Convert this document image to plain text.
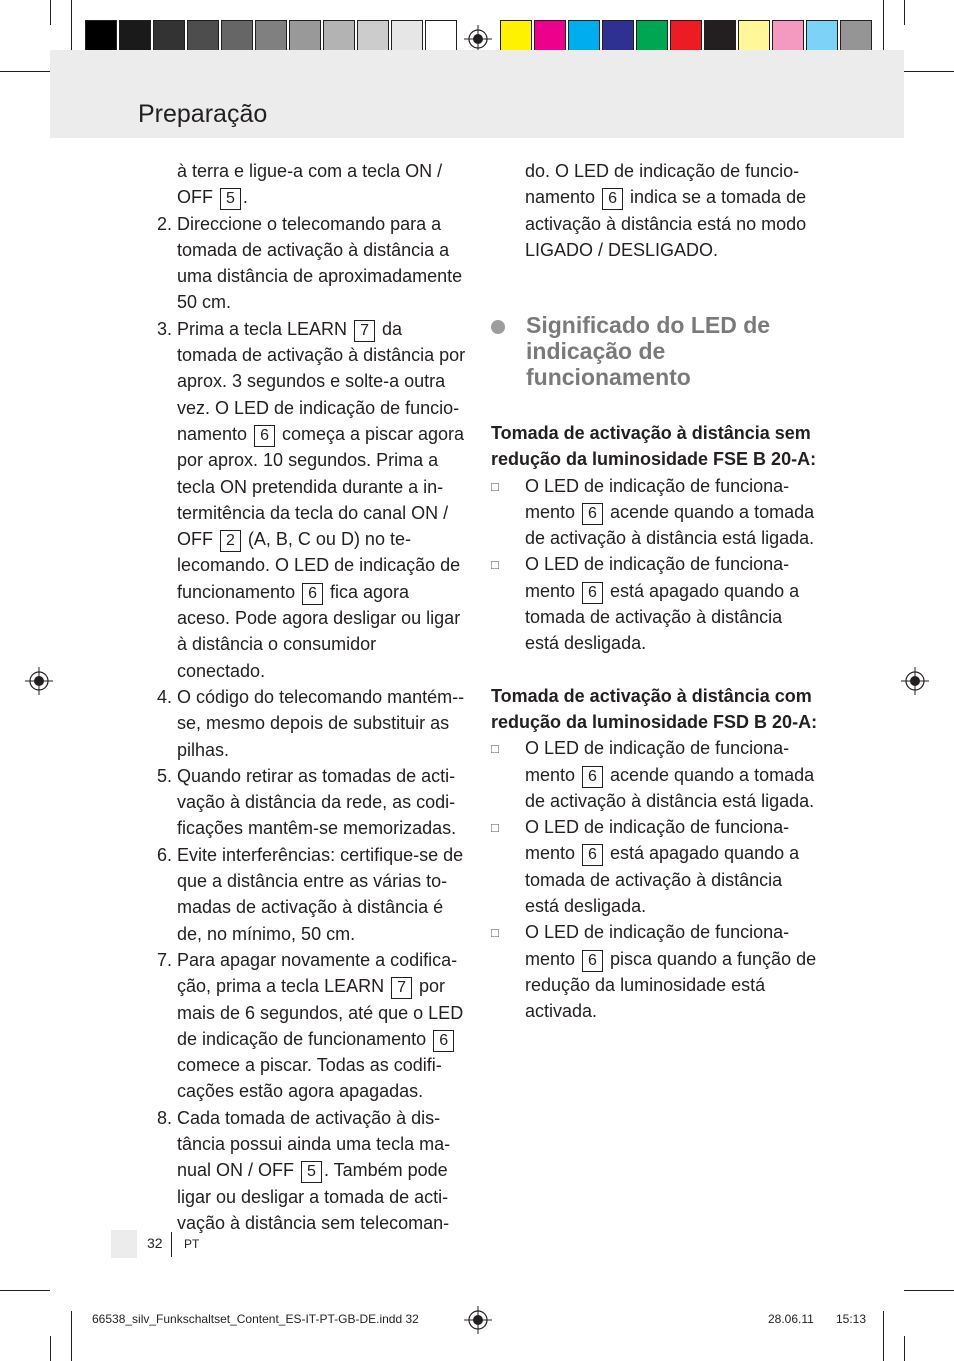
Preparação

à terra e ligue-a com a tecla ON / OFF 5 .

2. Direccione o telecomando para a tomada de activação à distância a uma distância de aproximadamente 50 cm.

3. Prima a tecla LEARN 7 da tomada de activação à distância por aprox. 3 segundos e solte-a outra vez. O LED de indicação de funcio-namento 6 começa a piscar agora por aprox. 10 segundos. Prima a tecla ON pretendida durante a in-termitência da tecla do canal ON / OFF 2 (A, B, C ou D) no te-lecomando. O LED de indicação de funcionamento 6 fica agora aceso. Pode agora desligar ou ligar à distância o consumidor conectado.

4. O código do telecomando mantém--se, mesmo depois de substituir as pilhas.

5. Quando retirar as tomadas de acti-vação à distância da rede, as codi-ficações mantêm-se memorizadas.

6. Evite interferências: certifique-se de que a distância entre as várias to-madas de activação à distância é de, no mínimo, 50 cm.

7. Para apagar novamente a codifica-ção, prima a tecla LEARN 7 por mais de 6 segundos, até que o LED de indicação de funcionamento 6 comece a piscar. Todas as codifi-cações estão agora apagadas.

8. Cada tomada de activação à dis-tância possui ainda uma tecla ma-nual ON / OFF 5 . Também pode ligar ou desligar a tomada de acti-vação à distância sem telecoman-

do. O LED de indicação de funcio-namento 6 indica se a tomada de activação à distância está no modo LIGADO / DESLIGADO.

Significado do LED de indicação de funcionamento

Tomada de activação à distância sem redução da luminosidade FSE B 20-A:

□	O LED de indicação de funciona-mento 6 acende quando a tomada de activação à distância está ligada.

□	O LED de indicação de funciona-mento 6 está apagado quando a tomada de activação à distância está desligada.

Tomada de activação à distância com redução da luminosidade FSD B 20-A:

□	O LED de indicação de funciona-mento 6 acende quando a tomada de activação à distância está ligada.

□	O LED de indicação de funciona-mento 6 está apagado quando a tomada de activação à distância está desligada.

□	O LED de indicação de funciona-mento 6 pisca quando a função de redução da luminosidade está activada.

32 PT
66538_silv_Funkschaltset_Content_ES-IT-PT-GB-DE.indd 32	28.06.11 15:13
